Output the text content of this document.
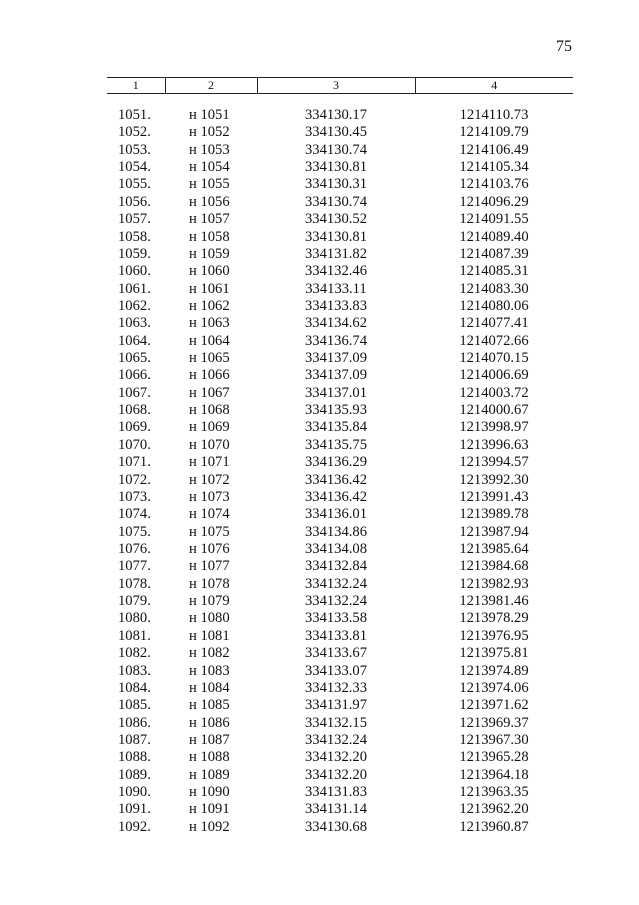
75
1	2	3	4

1051.	н 1051	334130.17	1214110.73
1052.	н 1052	334130.45	1214109.79
1053.	н 1053	334130.74	1214106.49
1054.	н 1054	334130.81	1214105.34
1055.	н 1055	334130.31	1214103.76
1056.	н 1056	334130.74	1214096.29
1057.	н 1057	334130.52	1214091.55
1058.	н 1058	334130.81	1214089.40
1059.	н 1059	334131.82	1214087.39
1060.	н 1060	334132.46	1214085.31
1061.	н 1061	334133.11	1214083.30
1062.	н 1062	334133.83	1214080.06
1063.	н 1063	334134.62	1214077.41
1064.	н 1064	334136.74	1214072.66
1065.	н 1065	334137.09	1214070.15
1066.	н 1066	334137.09	1214006.69
1067.	н 1067	334137.01	1214003.72
1068.	н 1068	334135.93	1214000.67
1069.	н 1069	334135.84	1213998.97
1070.	н 1070	334135.75	1213996.63
1071.	н 1071	334136.29	1213994.57
1072.	н 1072	334136.42	1213992.30
1073.	н 1073	334136.42	1213991.43
1074.	н 1074	334136.01	1213989.78
1075.	н 1075	334134.86	1213987.94
1076.	н 1076	334134.08	1213985.64
1077.	н 1077	334132.84	1213984.68
1078.	н 1078	334132.24	1213982.93
1079.	н 1079	334132.24	1213981.46
1080.	н 1080	334133.58	1213978.29
1081.	н 1081	334133.81	1213976.95
1082.	н 1082	334133.67	1213975.81
1083.	н 1083	334133.07	1213974.89
1084.	н 1084	334132.33	1213974.06
1085.	н 1085	334131.97	1213971.62
1086.	н 1086	334132.15	1213969.37
1087.	н 1087	334132.24	1213967.30
1088.	н 1088	334132.20	1213965.28
1089.	н 1089	334132.20	1213964.18
1090.	н 1090	334131.83	1213963.35
1091.	н 1091	334131.14	1213962.20
1092.	н 1092	334130.68	1213960.87
